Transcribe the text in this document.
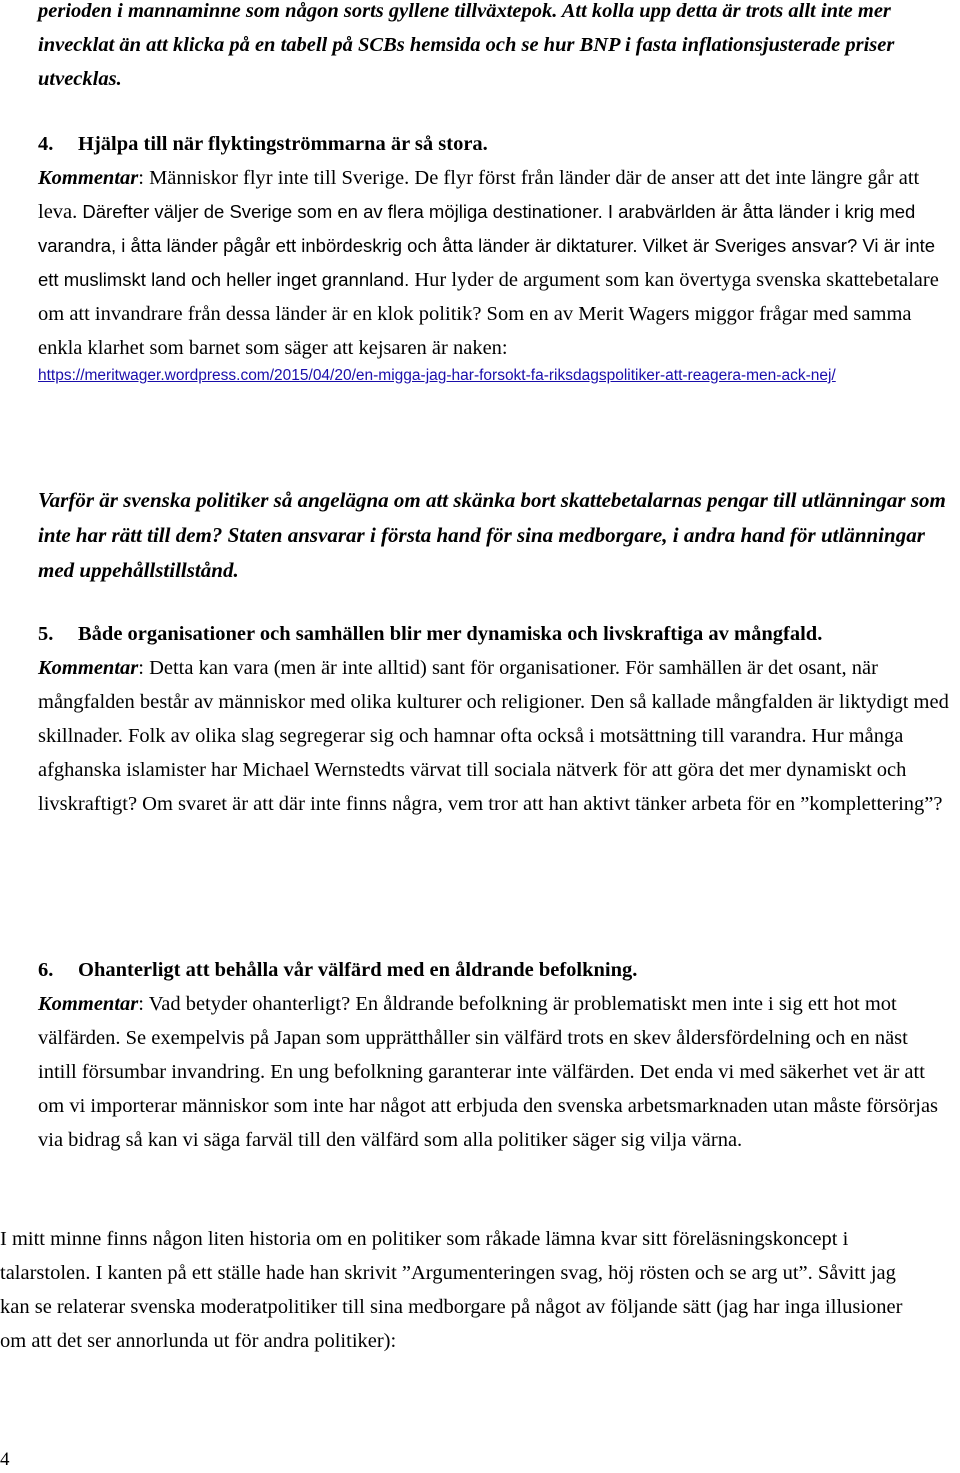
perioden i mannaminne som någon sorts gyllene tillväxtepok. Att kolla upp detta är trots allt inte mer invecklat än att klicka på en tabell på SCBs hemsida och se hur BNP i fasta inflationsjusterade priser utvecklas.

4. Hjälpa till när flyktingströmmarna är så stora.
Kommentar: Människor flyr inte till Sverige. De flyr först från länder där de anser att det inte längre går att leva. Därefter väljer de Sverige som en av flera möjliga destinationer. I arabvärlden är åtta länder i krig med varandra, i åtta länder pågår ett inbördeskrig och åtta länder är diktaturer. Vilket är Sveriges ansvar? Vi är inte ett muslimskt land och heller inget grannland. Hur lyder de argument som kan övertyga svenska skattebetalare om att invandrare från dessa länder är en klok politik? Som en av Merit Wagers miggor frågar med samma enkla klarhet som barnet som säger att kejsaren är naken:
https://meritwager.wordpress.com/2015/04/20/en-migga-jag-har-forsokt-fa-riksdagspolitiker-att-reagera-men-ack-nej/

Varför är svenska politiker så angelägna om att skänka bort skattebetalarnas pengar till utlänningar som inte har rätt till dem? Staten ansvarar i första hand för sina medborgare, i andra hand för utlänningar med uppehållstillstånd.

5. Både organisationer och samhällen blir mer dynamiska och livskraftiga av mångfald.
Kommentar: Detta kan vara (men är inte alltid) sant för organisationer. För samhällen är det osant, när mångfalden består av människor med olika kulturer och religioner. Den så kallade mångfalden är liktydigt med skillnader. Folk av olika slag segregerar sig och hamnar ofta också i motsättning till varandra. Hur många afghanska islamister har Michael Wernstedts värvat till sociala nätverk för att göra det mer dynamiskt och livskraftigt? Om svaret är att där inte finns några, vem tror att han aktivt tänker arbeta för en ”komplettering”?
6. Ohanterligt att behålla vår välfärd med en åldrande befolkning.
Kommentar: Vad betyder ohanterligt? En åldrande befolkning är problematiskt men inte i sig ett hot mot välfärden. Se exempelvis på Japan som upprätthåller sin välfärd trots en skev åldersfördelning och en näst intill försumbar invandring. En ung befolkning garanterar inte välfärden. Det enda vi med säkerhet vet är att om vi importerar människor som inte har något att erbjuda den svenska arbetsmarknaden utan måste försörjas via bidrag så kan vi säga farväl till den välfärd som alla politiker säger sig vilja värna.

I mitt minne finns någon liten historia om en politiker som råkade lämna kvar sitt föreläsningskoncept i talarstolen. I kanten på ett ställe hade han skrivit ”Argumenteringen svag, höj rösten och se arg ut”. Såvitt jag kan se relaterar svenska moderatpolitiker till sina medborgare på något av följande sätt (jag har inga illusioner om att det ser annorlunda ut för andra politiker):

4
